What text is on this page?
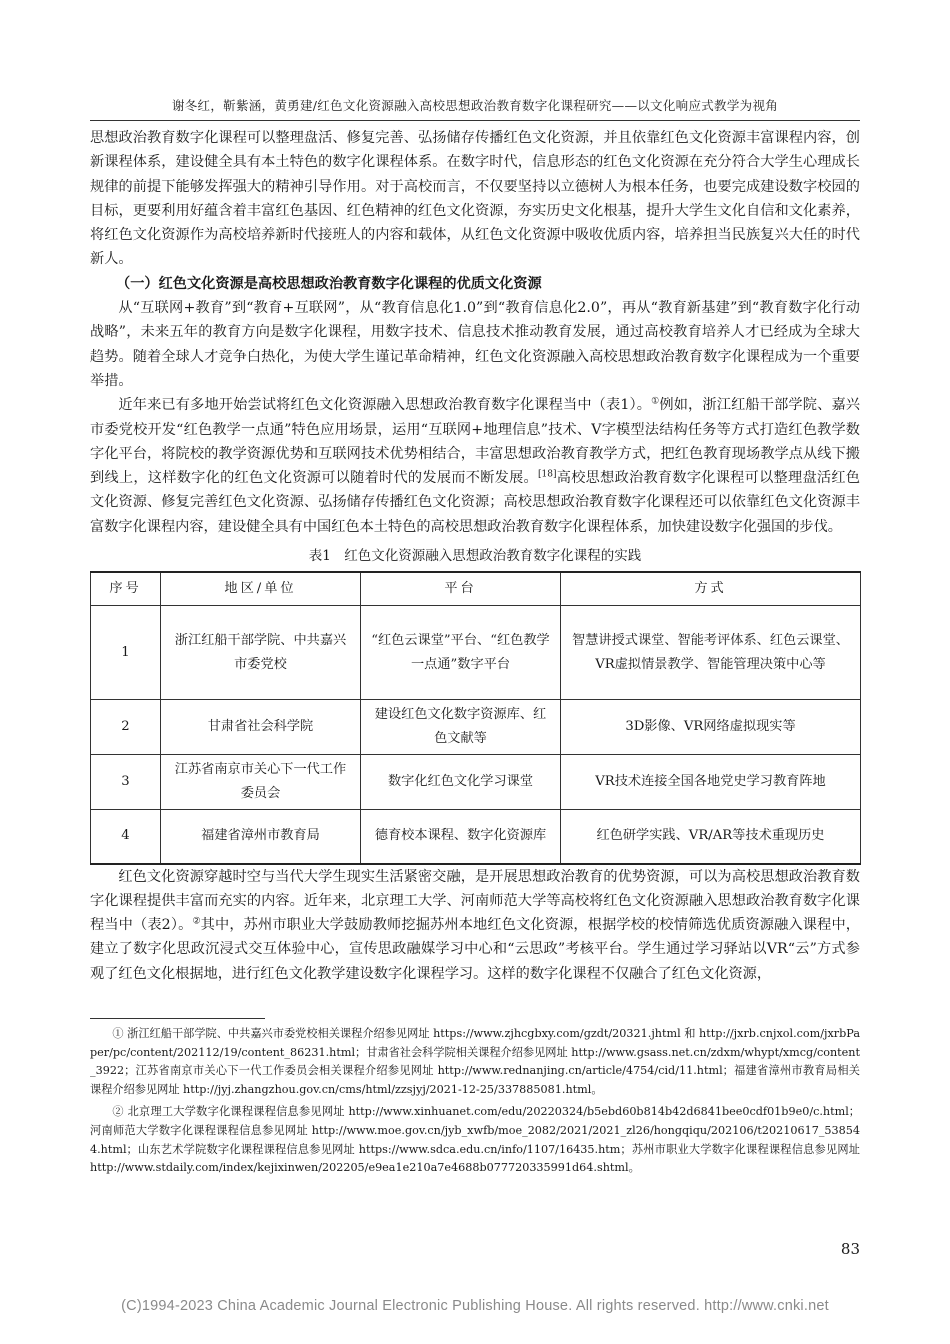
谢冬红，靳紫涵，黄勇建/红色文化资源融入高校思想政治教育数字化课程研究——以文化响应式教学为视角

思想政治教育数字化课程可以整理盘活、修复完善、弘扬储存传播红色文化资源，并且依靠红色文化资源丰富课程内容，创新课程体系，建设健全具有本土特色的数字化课程体系。在数字时代，信息形态的红色文化资源在充分符合大学生心理成长规律的前提下能够发挥强大的精神引导作用。对于高校而言，不仅要坚持以立德树人为根本任务，也要完成建设数字校园的目标，更要利用好蕴含着丰富红色基因、红色精神的红色文化资源，夯实历史文化根基，提升大学生文化自信和文化素养，将红色文化资源作为高校培养新时代接班人的内容和载体，从红色文化资源中吸收优质内容，培养担当民族复兴大任的时代新人。

（一）红色文化资源是高校思想政治教育数字化课程的优质文化资源

从“互联网+教育”到“教育+互联网”，从“教育信息化1.0”到“教育信息化2.0”，再从“教育新基建”到“教育数字化行动战略”，未来五年的教育方向是数字化课程，用数字技术、信息技术推动教育发展，通过高校教育培养人才已经成为全球大趋势。随着全球人才竞争白热化，为使大学生谨记革命精神，红色文化资源融入高校思想政治教育数字化课程成为一个重要举措。

近年来已有多地开始尝试将红色文化资源融入思想政治教育数字化课程当中（表1）。①例如，浙江红船干部学院、嘉兴市委党校开发“红色教学一点通”特色应用场景，运用“互联网+地理信息”技术、V字模型法结构任务等方式打造红色教学数字化平台，将院校的教学资源优势和互联网技术优势相结合，丰富思想政治教育教学方式，把红色教育现场教学点从线下搬到线上，这样数字化的红色文化资源可以随着时代的发展而不断发展。[18]高校思想政治教育数字化课程可以整理盘活红色文化资源、修复完善红色文化资源、弘扬储存传播红色文化资源；高校思想政治教育数字化课程还可以依靠红色文化资源丰富数字化课程内容，建设健全具有中国红色本土特色的高校思想政治教育数字化课程体系，加快建设数字化强国的步伐。

表1　红色文化资源融入思想政治教育数字化课程的实践
序号	地区/单位	平台	方式
1	浙江红船干部学院、中共嘉兴市委党校	“红色云课堂”平台、“红色教学一点通”数字平台	智慧讲授式课堂、智能考评体系、红色云课堂、VR虚拟情景教学、智能管理决策中心等
2	甘肃省社会科学院	建设红色文化数字资源库、红色文献等	3D影像、VR网络虚拟现实等
3	江苏省南京市关心下一代工作委员会	数字化红色文化学习课堂	VR技术连接全国各地党史学习教育阵地
4	福建省漳州市教育局	德育校本课程、数字化资源库	红色研学实践、VR/AR等技术重现历史

红色文化资源穿越时空与当代大学生现实生活紧密交融，是开展思想政治教育的优势资源，可以为高校思想政治教育数字化课程提供丰富而充实的内容。近年来，北京理工大学、河南师范大学等高校将红色文化资源融入思想政治教育数字化课程当中（表2）。②其中，苏州市职业大学鼓励教师挖掘苏州本地红色文化资源，根据学校的校情筛选优质资源融入课程中，建立了数字化思政沉浸式交互体验中心，宣传思政融媒学习中心和“云思政”考核平台。学生通过学习驿站以VR“云”方式参观了红色文化根据地，进行红色文化教学建设数字化课程学习。这样的数字化课程不仅融合了红色文化资源，

① 浙江红船干部学院、中共嘉兴市委党校相关课程介绍参见网址 https://www.zjhcgbxy.com/gzdt/20321.jhtml 和 http://jxrb.cnjxol.com/jxrbPaper/pc/content/202112/19/content_86231.html；甘肃省社会科学院相关课程介绍参见网址 http://www.gsass.net.cn/zdxm/whypt/xmcg/content_3922；江苏省南京市关心下一代工作委员会相关课程介绍参见网址 http://www.rednanjing.cn/article/4754/cid/11.html；福建省漳州市教育局相关课程介绍参见网址 http://jyj.zhangzhou.gov.cn/cms/html/zzsjyj/2021-12-25/337885081.html。

② 北京理工大学数字化课程课程信息参见网址 http://www.xinhuanet.com/edu/20220324/b5ebd60b814b42d6841bee0cdf01b9e0/c.html；河南师范大学数字化课程课程信息参见网址 http://www.moe.gov.cn/jyb_xwfb/moe_2082/2021/2021_zl26/hongqiqu/202106/t20210617_538544.html；山东艺术学院数字化课程课程信息参见网址 https://www.sdca.edu.cn/info/1107/16435.htm；苏州市职业大学数字化课程课程信息参见网址 http://www.stdaily.com/index/kejixinwen/202205/e9ea1e210a7e4688b077720335991d64.shtml。

83
(C)1994-2023 China Academic Journal Electronic Publishing House. All rights reserved. http://www.cnki.net
